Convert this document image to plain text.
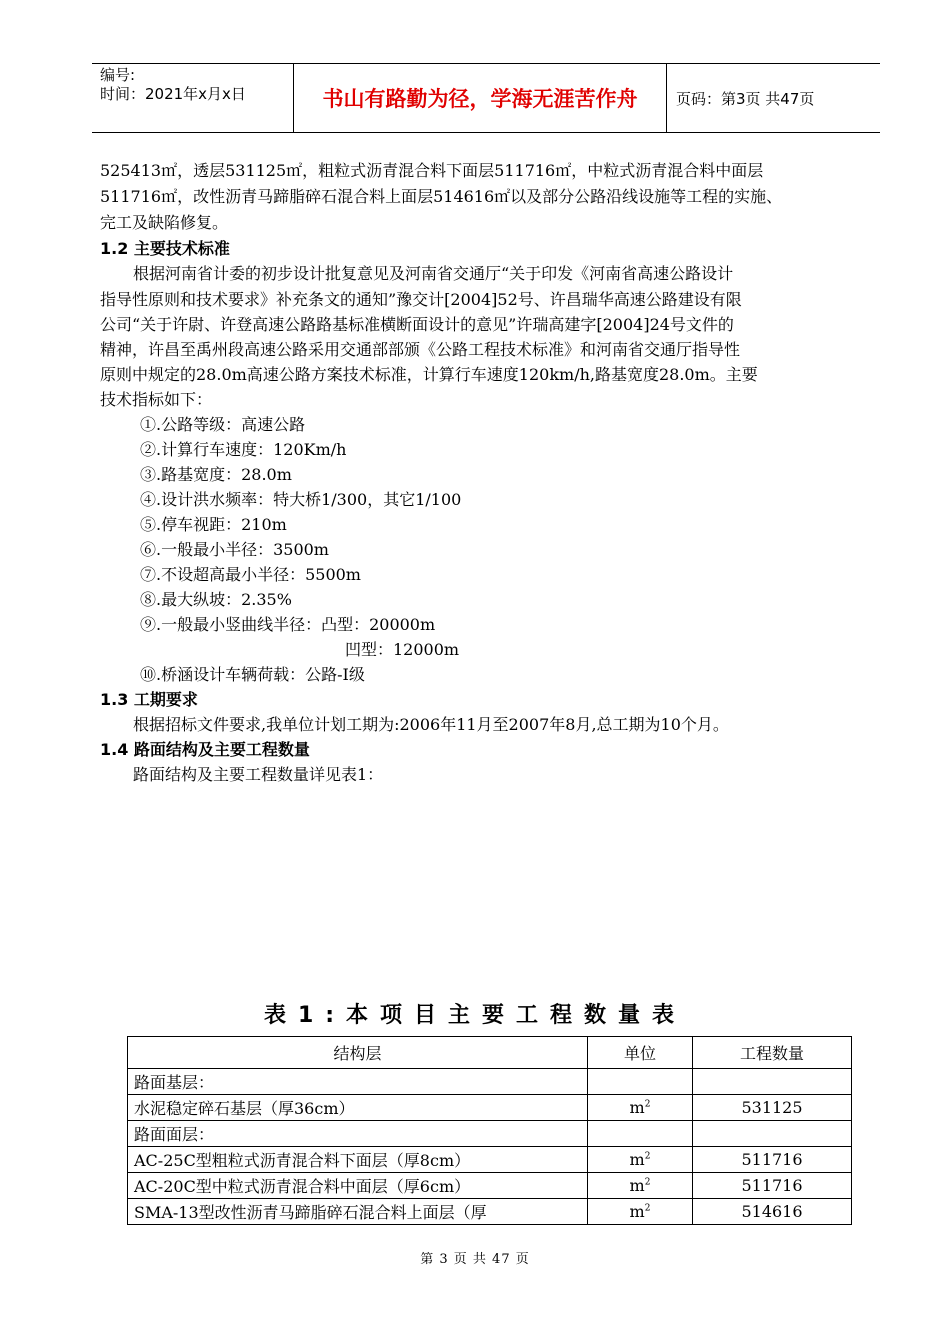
编号:
时间：2021年x月x日	书山有路勤为径，学海无涯苦作舟	页码：第3页 共47页
525413㎡，透层531125㎡，粗粒式沥青混合料下面层511716㎡，中粒式沥青混合料中面层
511716㎡，改性沥青马蹄脂碎石混合料上面层514616㎡以及部分公路沿线设施等工程的实施、
完工及缺陷修复。
1.2 主要技术标准
根据河南省计委的初步设计批复意见及河南省交通厅“关于印发《河南省高速公路设计
指导性原则和技术要求》补充条文的通知”豫交计[2004]52号、许昌瑞华高速公路建设有限
公司“关于许尉、许登高速公路路基标准横断面设计的意见”许瑞高建字[2004]24号文件的
精神，许昌至禹州段高速公路采用交通部部颁《公路工程技术标准》和河南省交通厅指导性
原则中规定的28.0m高速公路方案技术标准，计算行车速度120km/h,路基宽度28.0m。主要
技术指标如下：
①.公路等级：高速公路
②.计算行车速度：120Km/h
③.路基宽度：28.0m
④.设计洪水频率：特大桥1/300，其它1/100
⑤.停车视距：210m
⑥.一般最小半径：3500m
⑦.不设超高最小半径：5500m
⑧.最大纵坡：2.35%
⑨.一般最小竖曲线半径：凸型：20000m
凹型：12000m
⑩.桥涵设计车辆荷载：公路-Ⅰ级
1.3 工期要求
根据招标文件要求,我单位计划工期为:2006年11月至2007年8月,总工期为10个月。
1.4 路面结构及主要工程数量
路面结构及主要工程数量详见表1：
表1:本项目主要工程数量表
结构层	单位	工程数量
路面基层：		
水泥稳定碎石基层（厚36cm）	$m^2$	531125
路面面层：		
AC-25C型粗粒式沥青混合料下面层（厚8cm）	$m^2$	511716
AC-20C型中粒式沥青混合料中面层（厚6cm）	$m^2$	511716
SMA-13型改性沥青马蹄脂碎石混合料上面层（厚	$m^2$	514616
第 3 页 共 47 页
